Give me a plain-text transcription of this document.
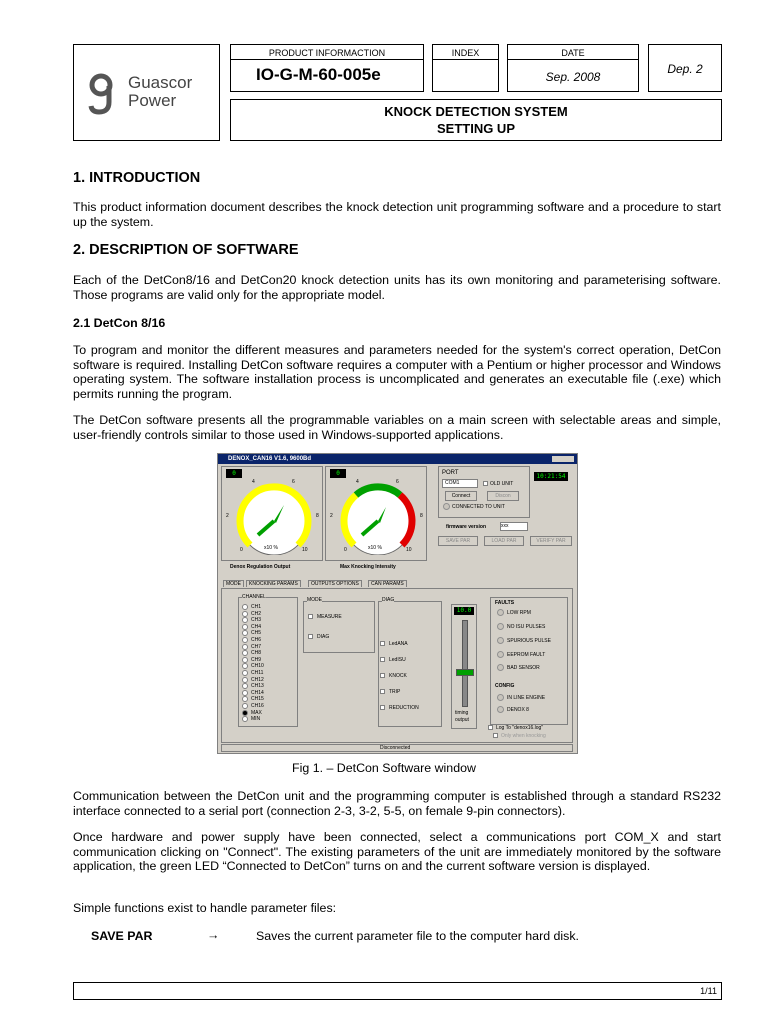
Guascor
Power
PRODUCT INFORMACTION
IO-G-M-60-005e
INDEX	DATE
Sep. 2008
Dep. 2
KNOCK DETECTION SYSTEM
SETTING UP
1. INTRODUCTION
This product information document describes the knock detection unit programming software and a procedure to start up the system.
2. DESCRIPTION OF SOFTWARE
Each of the DetCon8/16 and DetCon20 knock detection units has its own monitoring and parameterising software. Those programs are valid only for the appropriate model.
2.1 DetCon 8/16
To program and monitor the different measures and parameters needed for the system's correct operation, DetCon software is required. Installing DetCon software requires a computer with a Pentium or higher processor and Windows operating system. The software installation process is uncomplicated and generates an executable file (.exe) which permits running the program.
The DetCon software presents all the programmable variables on a main screen with selectable areas and simple, user-friendly controls similar to those used in Windows-supported applications.
DENOX_CAN16 V1.6, 9600Bd
0
x10 %
0	10
2
4	6
8
0
x10 %
0	10
2
4	6
8
Denox Regulation Output	Max Knocking Intensity
PORT
COM1	OLD UNIT
Connect	Discon
CONNECTED TO UNIT
10:21:54
firmware version	xxx
SAVE PAR	LOAD PAR	VERIFY PAR
MODE	KNOCKING PARAMS	OUTPUTS OPTIONS	CAN PARAMS
CHANNEL
CH1
CH2
CH3
CH4
CH5
CH6
CH7
CH8
CH9
CH10
CH11
CH12
CH13
CH14
CH15
CH16
MAX
MIN
MODE
MEASURE
DIAG
DIAG
LedANA
LedISU
KNOCK
TRIP
REDUCTION
10.0
timing
output
FAULTS
LOW RPM
NO ISU PULSES
SPURIOUS PULSE
EEPROM FAULT
BAD SENSOR
CONFIG
IN LINE ENGINE
DENOX 8
Log To "denox16.log"
Only when knocking
Disconnected
Fig 1. – DetCon Software window
Communication between the DetCon unit and the programming computer is established through a standard RS232 interface connected to a serial port (connection 2-3, 3-2, 5-5, on female 9-pin connectors).
Once hardware and power supply have been connected, select a communications port COM_X and start communication clicking on "Connect". The existing parameters of the unit are immediately monitored by the software application, the green LED “Connected to DetCon” turns on and the current software version is displayed.
Simple functions exist to handle parameter files:
SAVE PAR	→	Saves the current parameter file to the computer hard disk.
1/11
